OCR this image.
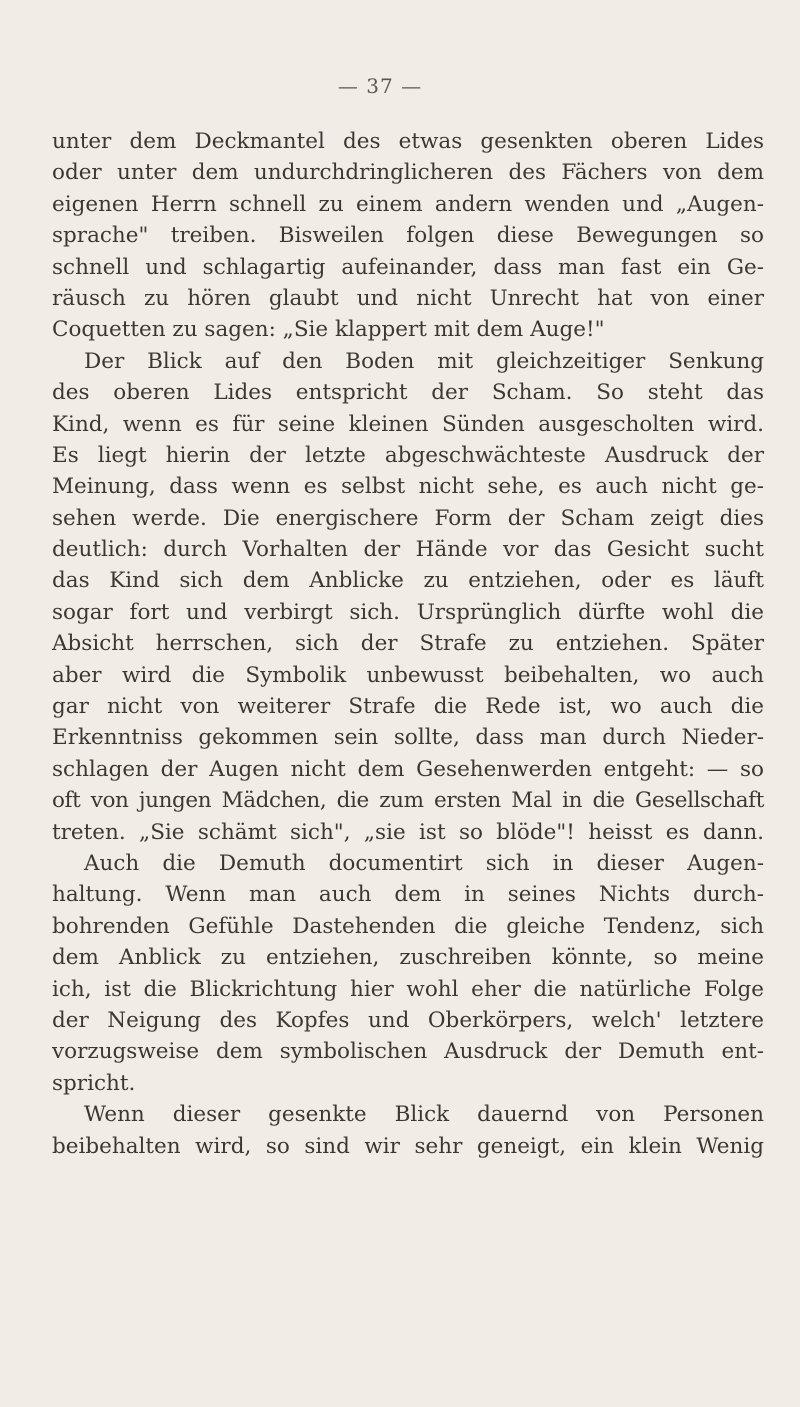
— 37 —
unter dem Deckmantel des etwas gesenkten oberen Lides
oder unter dem undurchdringlicheren des Fächers von dem
eigenen Herrn schnell zu einem andern wenden und „Augen-
sprache" treiben. Bisweilen folgen diese Bewegungen so
schnell und schlagartig aufeinander, dass man fast ein Ge-
räusch zu hören glaubt und nicht Unrecht hat von einer
Coquetten zu sagen: „Sie klappert mit dem Auge!"
Der Blick auf den Boden mit gleichzeitiger Senkung
des oberen Lides entspricht der Scham. So steht das
Kind, wenn es für seine kleinen Sünden ausgescholten wird.
Es liegt hierin der letzte abgeschwächteste Ausdruck der
Meinung, dass wenn es selbst nicht sehe, es auch nicht ge-
sehen werde. Die energischere Form der Scham zeigt dies
deutlich: durch Vorhalten der Hände vor das Gesicht sucht
das Kind sich dem Anblicke zu entziehen, oder es läuft
sogar fort und verbirgt sich. Ursprünglich dürfte wohl die
Absicht herrschen, sich der Strafe zu entziehen. Später
aber wird die Symbolik unbewusst beibehalten, wo auch
gar nicht von weiterer Strafe die Rede ist, wo auch die
Erkenntniss gekommen sein sollte, dass man durch Nieder-
schlagen der Augen nicht dem Gesehenwerden entgeht: — so
oft von jungen Mädchen, die zum ersten Mal in die Gesellschaft
treten. „Sie schämt sich", „sie ist so blöde"! heisst es dann.
Auch die Demuth documentirt sich in dieser Augen-
haltung. Wenn man auch dem in seines Nichts durch-
bohrenden Gefühle Dastehenden die gleiche Tendenz, sich
dem Anblick zu entziehen, zuschreiben könnte, so meine
ich, ist die Blickrichtung hier wohl eher die natürliche Folge
der Neigung des Kopfes und Oberkörpers, welch' letztere
vorzugsweise dem symbolischen Ausdruck der Demuth ent-
spricht.
Wenn dieser gesenkte Blick dauernd von Personen
beibehalten wird, so sind wir sehr geneigt, ein klein Wenig
